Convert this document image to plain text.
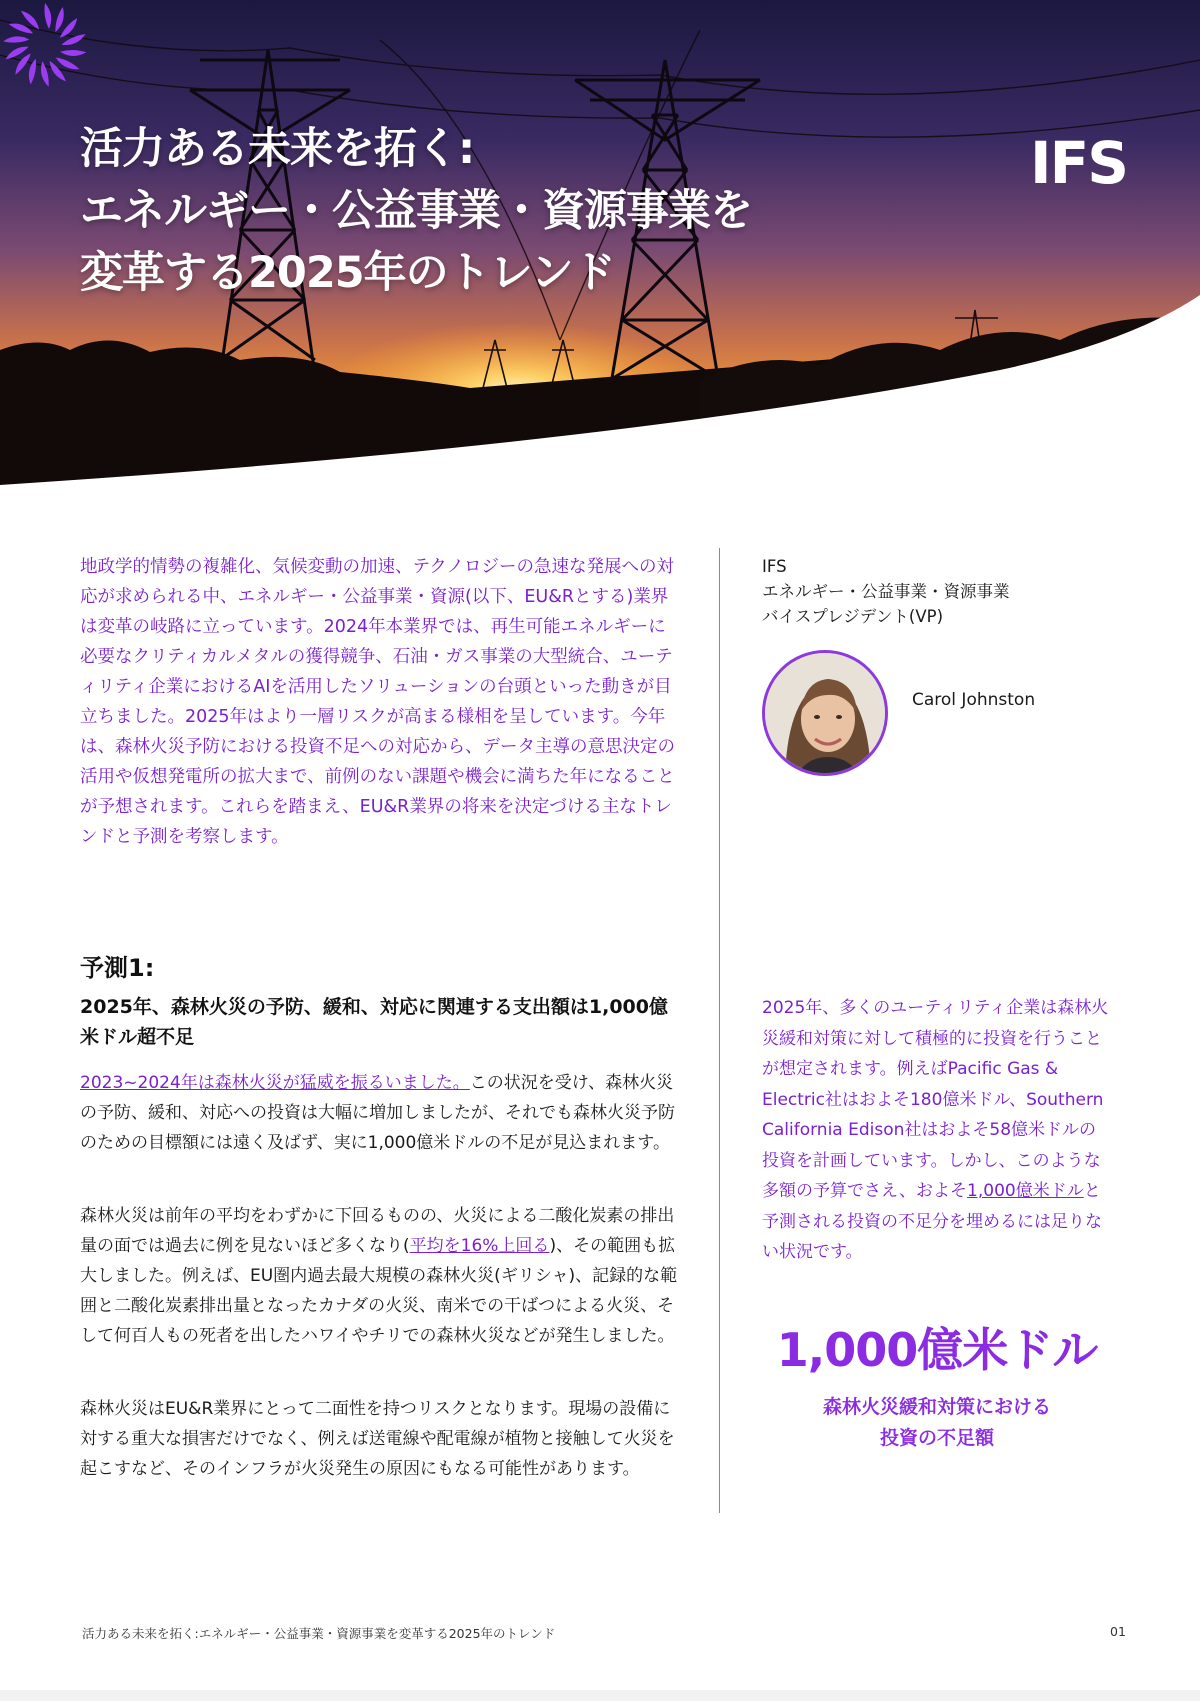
活力ある未来を拓く:
エネルギー・公益事業・資源事業を
変革する2025年のトレンド
IFS

地政学的情勢の複雑化、気候変動の加速、テクノロジーの急速な発展への対応が求められる中、エネルギー・公益事業・資源(以下、EU&Rとする)業界は変革の岐路に立っています。2024年本業界では、再生可能エネルギーに必要なクリティカルメタルの獲得競争、石油・ガス事業の大型統合、ユーティリティ企業におけるAIを活用したソリューションの台頭といった動きが目立ちました。2025年はより一層リスクが高まる様相を呈しています。今年は、森林火災予防における投資不足への対応から、データ主導の意思決定の活用や仮想発電所の拡大まで、前例のない課題や機会に満ちた年になることが予想されます。これらを踏まえ、EU&R業界の将来を決定づける主なトレンドと予測を考察します。

IFS
エネルギー・公益事業・資源事業
バイスプレジデント(VP)
Carol Johnston
予測1:
2025年、森林火災の予防、緩和、対応に関連する支出額は1,000億米ドル超不足

2023~2024年は森林火災が猛威を振るいました。この状況を受け、森林火災の予防、緩和、対応への投資は大幅に増加しましたが、それでも森林火災予防のための目標額には遠く及ばず、実に1,000億米ドルの不足が見込まれます。

森林火災は前年の平均をわずかに下回るものの、火災による二酸化炭素の排出量の面では過去に例を見ないほど多くなり(平均を16%上回る)、その範囲も拡大しました。例えば、EU圏内過去最大規模の森林火災(ギリシャ)、記録的な範囲と二酸化炭素排出量となったカナダの火災、南米での干ばつによる火災、そして何百人もの死者を出したハワイやチリでの森林火災などが発生しました。

森林火災はEU&R業界にとって二面性を持つリスクとなります。現場の設備に対する重大な損害だけでなく、例えば送電線や配電線が植物と接触して火災を起こすなど、そのインフラが火災発生の原因にもなる可能性があります。

2025年、多くのユーティリティ企業は森林火災緩和対策に対して積極的に投資を行うことが想定されます。例えばPacific Gas & Electric社はおよそ180億米ドル、Southern California Edison社はおよそ58億米ドルの投資を計画しています。しかし、このような多額の予算でさえ、およそ1,000億米ドルと予測される投資の不足分を埋めるには足りない状況です。

1,000億米ドル
森林火災緩和対策における
投資の不足額
活力ある未来を拓く:エネルギー・公益事業・資源事業を変革する2025年のトレンド	01
